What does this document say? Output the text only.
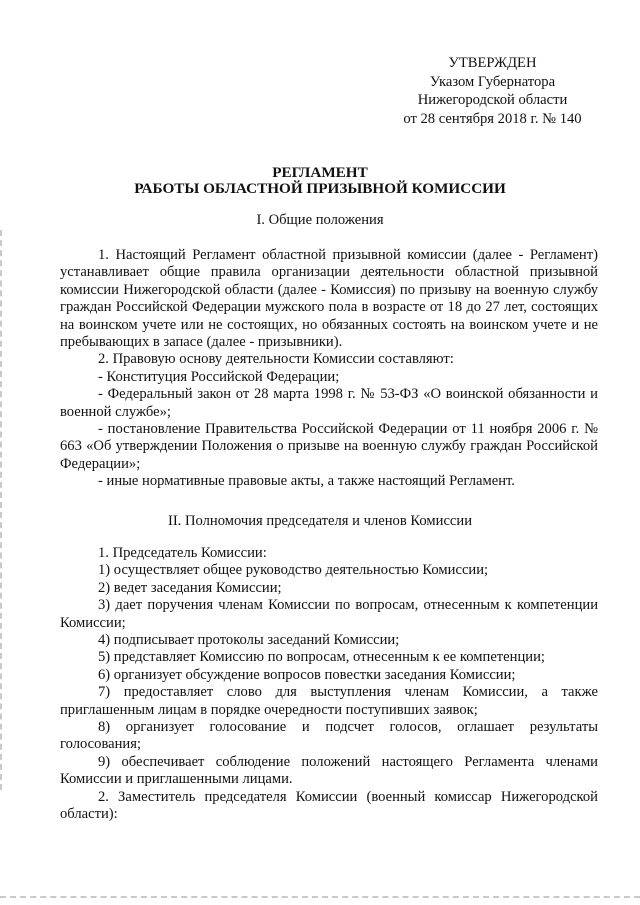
УТВЕРЖДЕН
Указом Губернатора
Нижегородской области
от 28 сентября 2018 г. № 140
РЕГЛАМЕНТ
РАБОТЫ ОБЛАСТНОЙ ПРИЗЫВНОЙ КОМИССИИ
I. Общие положения

1. Настоящий Регламент областной призывной комиссии (далее - Регламент) устанавливает общие правила организации деятельности областной призывной комиссии Нижегородской области (далее - Комиссия) по призыву на военную службу граждан Российской Федерации мужского пола в возрасте от 18 до 27 лет, состоящих на воинском учете или не состоящих, но обязанных состоять на воинском учете и не пребывающих в запасе (далее - призывники).

2. Правовую основу деятельности Комиссии составляют:

- Конституция Российской Федерации;

- Федеральный закон от 28 марта 1998 г. № 53-ФЗ «О воинской обязанности и военной службе»;

- постановление Правительства Российской Федерации от 11 ноября 2006 г. № 663 «Об утверждении Положения о призыве на военную службу граждан Российской Федерации»;

- иные нормативные правовые акты, а также настоящий Регламент.

II. Полномочия председателя и членов Комиссии

1. Председатель Комиссии:

1) осуществляет общее руководство деятельностью Комиссии;

2) ведет заседания Комиссии;

3) дает поручения членам Комиссии по вопросам, отнесенным к компетенции Комиссии;

4) подписывает протоколы заседаний Комиссии;

5) представляет Комиссию по вопросам, отнесенным к ее компетенции;

6) организует обсуждение вопросов повестки заседания Комиссии;

7) предоставляет слово для выступления членам Комиссии, а также приглашенным лицам в порядке очередности поступивших заявок;

8) организует голосование и подсчет голосов, оглашает результаты голосования;

9) обеспечивает соблюдение положений настоящего Регламента членами Комиссии и приглашенными лицами.

2. Заместитель председателя Комиссии (военный комиссар Нижегородской области):
